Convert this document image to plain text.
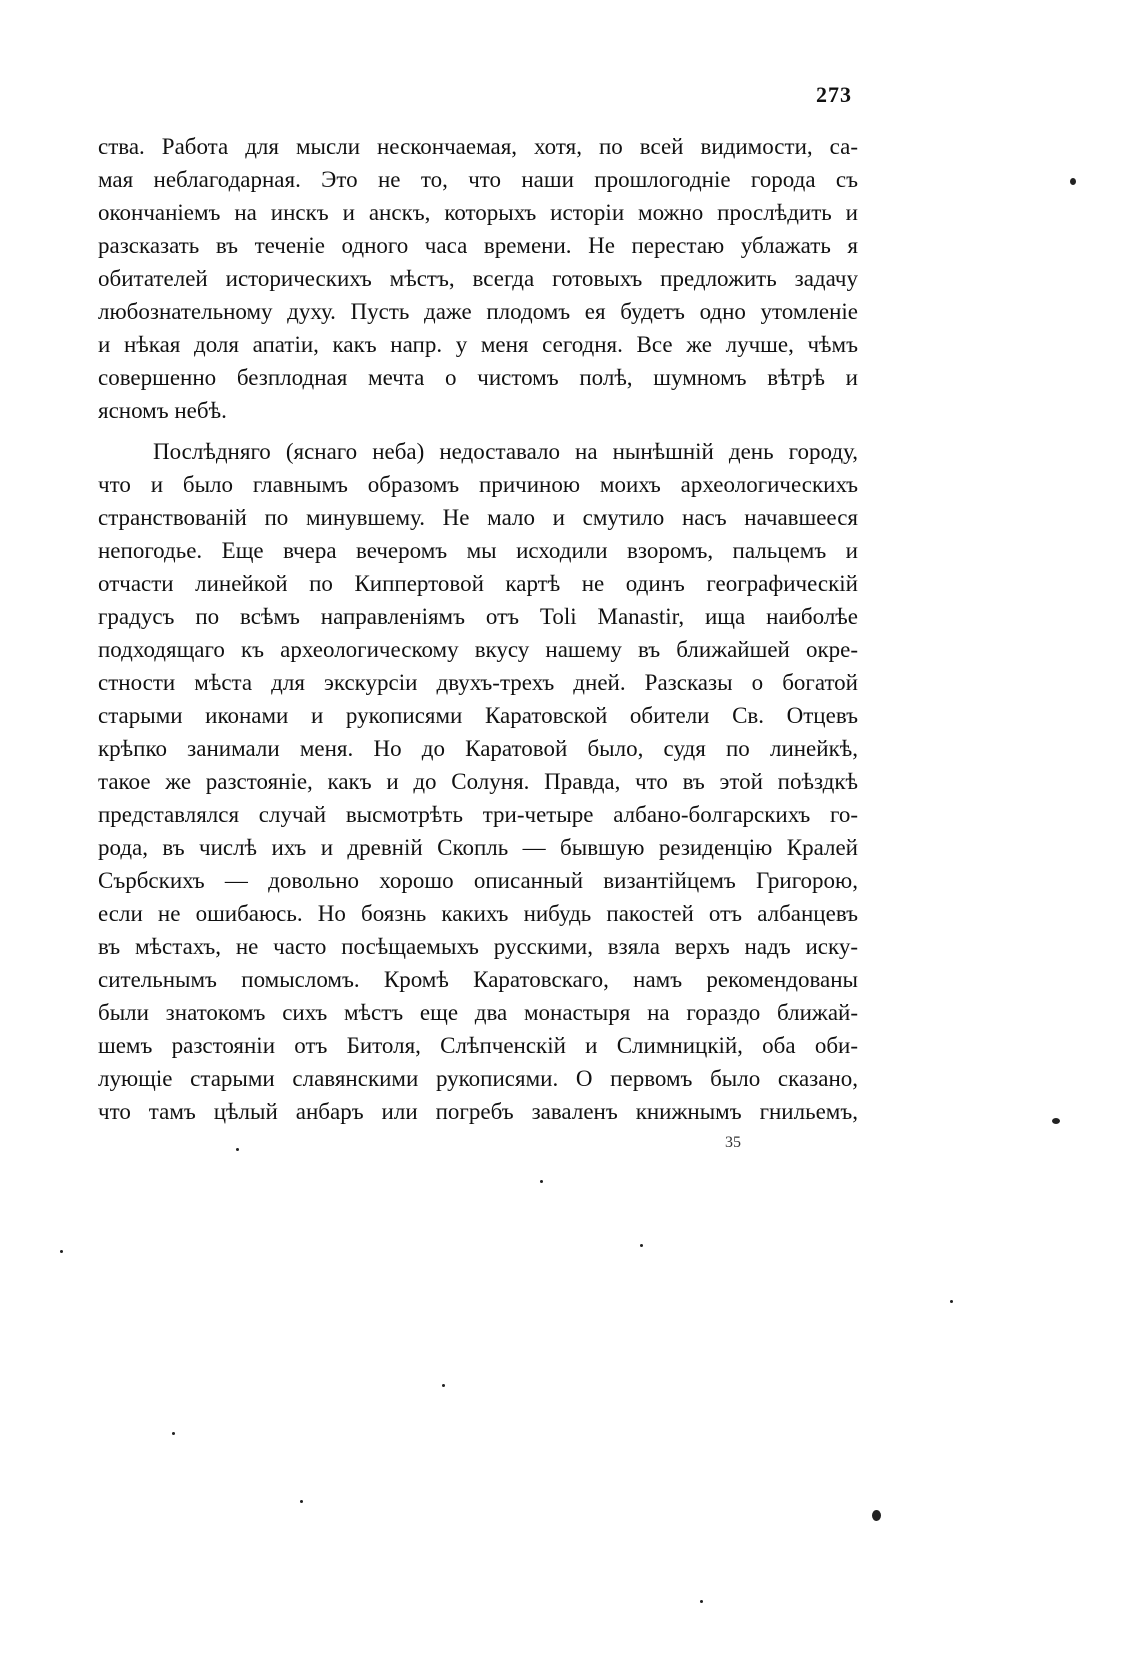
273
ства. Работа для мысли нескончаемая, хотя, по всей видимости, са-
мая неблагодарная. Это не то, что наши прошлогодніе города съ
окончаніемъ на инскъ и анскъ, которыхъ исторіи можно прослѣдить и
разсказать въ теченіе одного часа времени. Не перестаю ублажать я
обитателей историческихъ мѣстъ, всегда готовыхъ предложить задачу
любознательному духу. Пусть даже плодомъ ея будетъ одно утомленіе
и нѣкая доля апатіи, какъ напр. у меня сегодня. Все же лучше, чѣмъ
совершенно безплодная мечта о чистомъ полѣ, шумномъ вѣтрѣ и
ясномъ небѣ.
Послѣдняго (яснаго неба) недоставало на нынѣшній день городу,
что и было главнымъ образомъ причиною моихъ археологическихъ
странствованій по минувшему. Не мало и смутило насъ начавшееся
непогодье. Еще вчера вечеромъ мы исходили взоромъ, пальцемъ и
отчасти линейкой по Киппертовой картѣ не одинъ географическій
градусъ по всѣмъ направленіямъ отъ Toli Manastir, ища наиболѣе
подходящаго къ археологическому вкусу нашему въ ближайшей окре-
стности мѣста для экскурсіи двухъ-трехъ дней. Разсказы о богатой
старыми иконами и рукописями Каратовской обители Св. Отцевъ
крѣпко занимали меня. Но до Каратовой было, судя по линейкѣ,
такое же разстояніе, какъ и до Солуня. Правда, что въ этой поѣздкѣ
представлялся случай высмотрѣть три-четыре албано-болгарскихъ го-
рода, въ числѣ ихъ и древній Скопль — бывшую резиденцію Кралей
Сърбскихъ — довольно хорошо описанный византійцемъ Григорою,
если не ошибаюсь. Но боязнь какихъ нибудь пакостей отъ албанцевъ
въ мѣстахъ, не часто посѣщаемыхъ русскими, взяла верхъ надъ иску-
сительнымъ помысломъ. Кромѣ Каратовскаго, намъ рекомендованы
были знатокомъ сихъ мѣстъ еще два монастыря на гораздо ближай-
шемъ разстояніи отъ Битоля, Слѣпченскій и Слимницкій, оба оби-
лующіе старыми славянскими рукописями. О первомъ было сказано,
что тамъ цѣлый анбаръ или погребъ заваленъ книжнымъ гнильемъ,
35
